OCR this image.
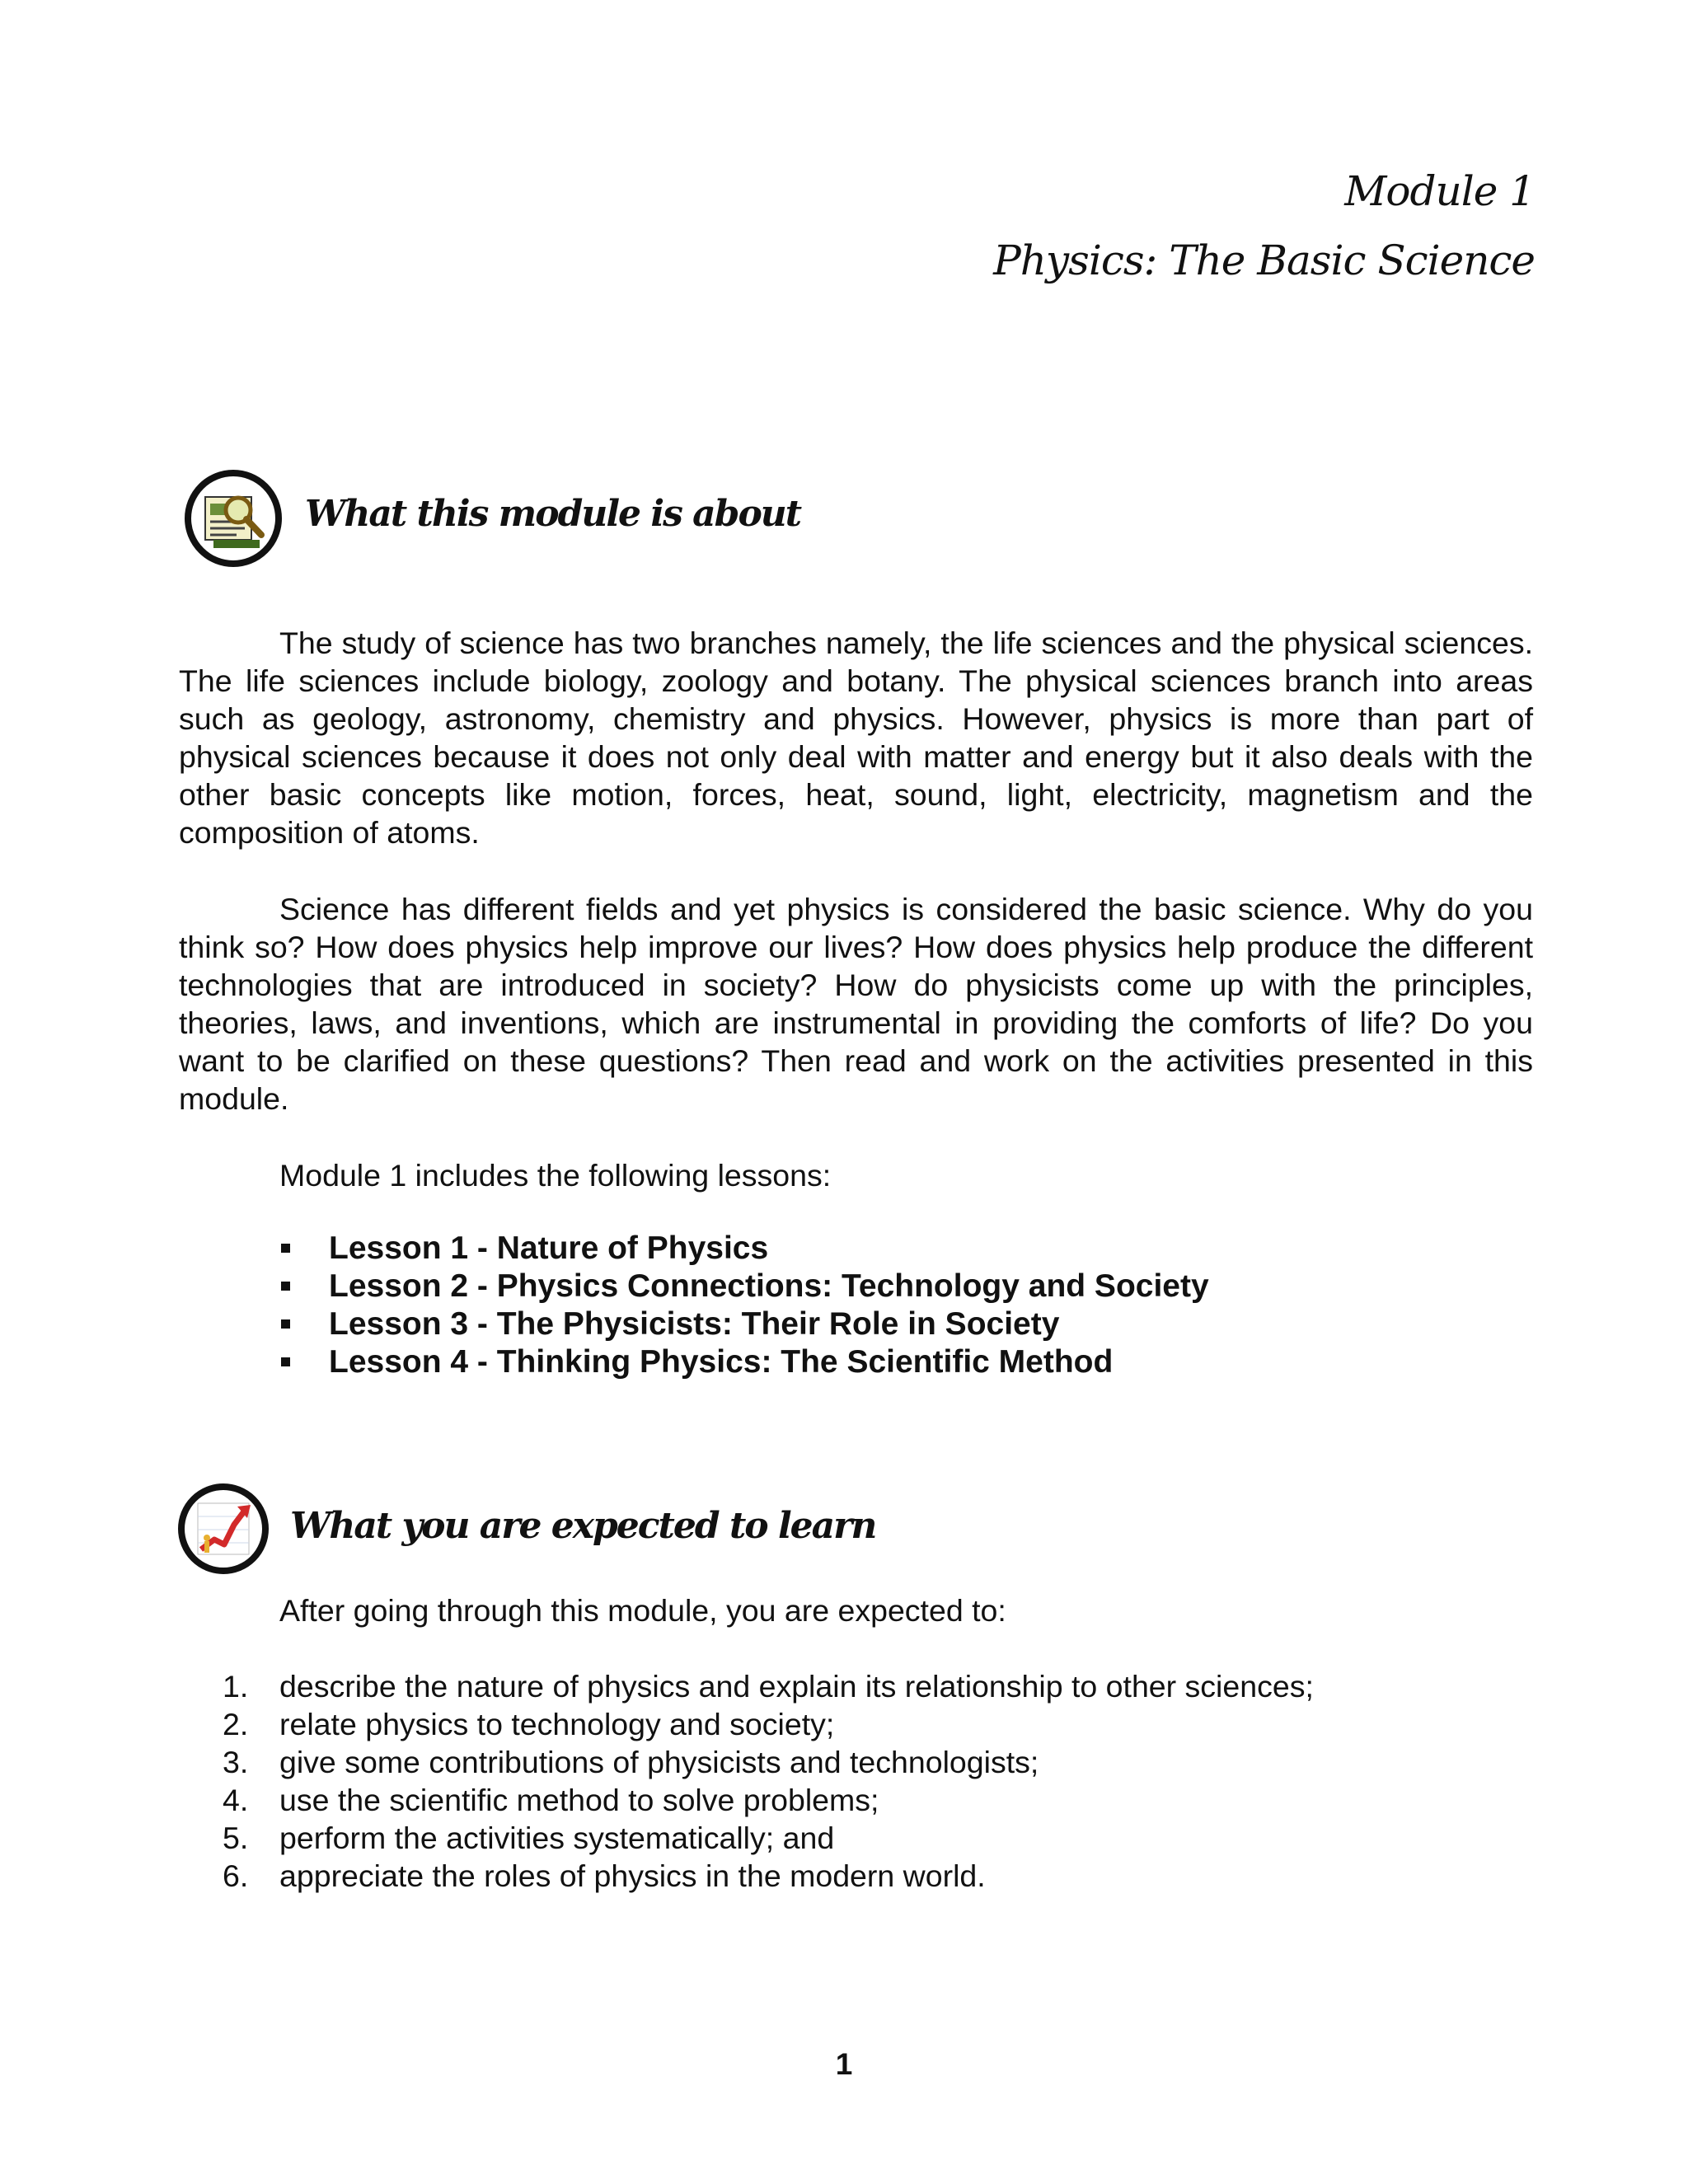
Module 1
Physics: The Basic Science
What this module is about

The study of science has two branches namely, the life sciences and the physical sciences. The life sciences include biology, zoology and botany. The physical sciences branch into areas such as geology, astronomy, chemistry and physics. However, physics is more than part of physical sciences because it does not only deal with matter and energy but it also deals with the other basic concepts like motion, forces, heat, sound, light, electricity, magnetism and the composition of atoms.

Science has different fields and yet physics is considered the basic science. Why do you think so? How does physics help improve our lives? How does physics help produce the different technologies that are introduced in society? How do physicists come up with the principles, theories, laws, and inventions, which are instrumental in providing the comforts of life? Do you want to be clarified on these questions? Then read and work on the activities presented in this module.

Module 1 includes the following lessons:
Lesson 1 - Nature of Physics
Lesson 2 - Physics Connections: Technology and Society
Lesson 3 - The Physicists: Their Role in Society
Lesson 4 - Thinking Physics: The Scientific Method
What you are expected to learn
After going through this module, you are expected to:
1.	describe the nature of physics and explain its relationship to other sciences;
2.	relate physics to technology and society;
3.	give some contributions of physicists and technologists;
4.	use the scientific method to solve problems;
5.	perform the activities systematically; and
6.	appreciate the roles of physics in the modern world.
1
